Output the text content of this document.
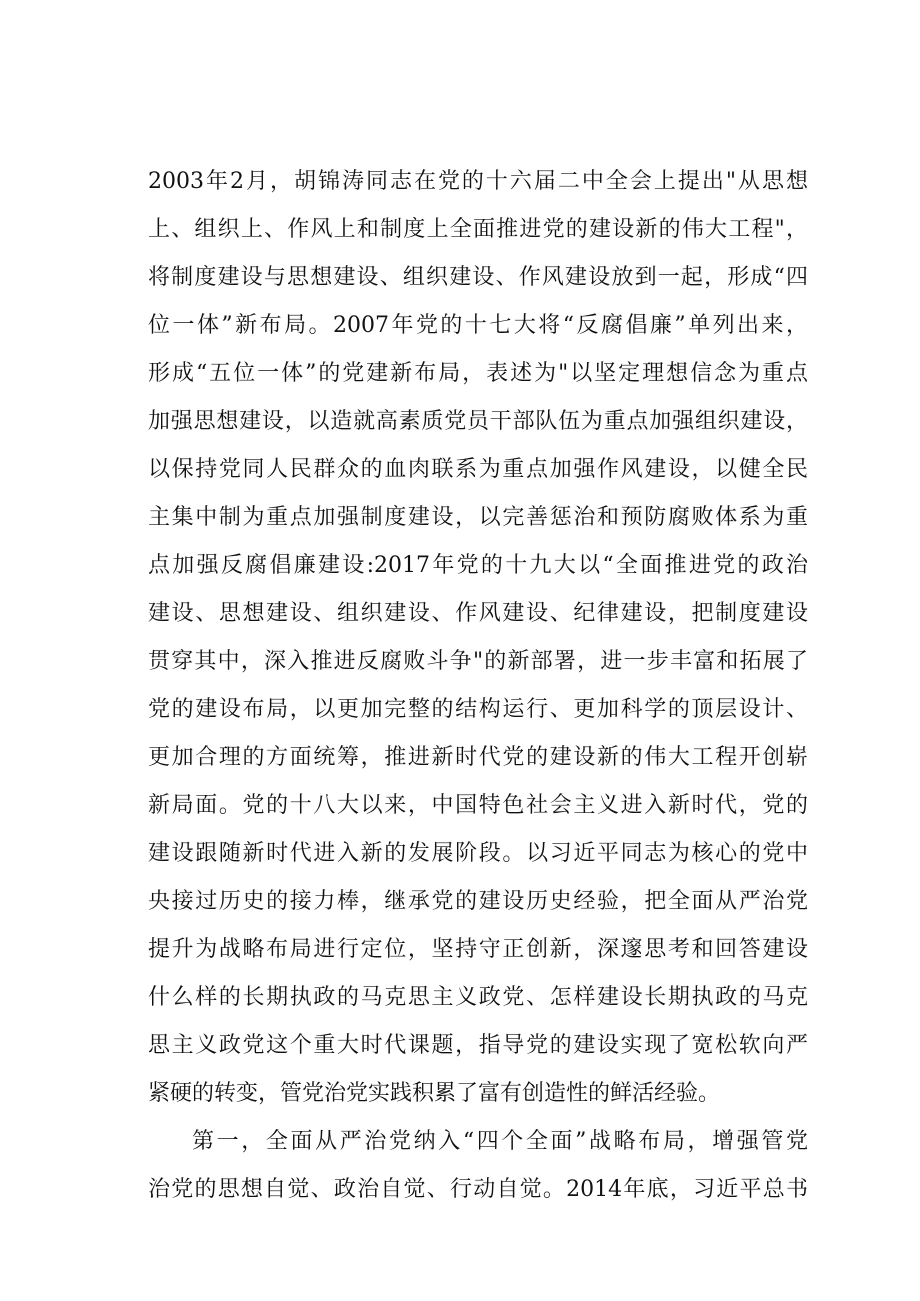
2003年2月，胡锦涛同志在党的十六届二中全会上提出"从思想
上、组织上、作风上和制度上全面推进党的建设新的伟大工程"，
将制度建设与思想建设、组织建设、作风建设放到一起，形成“四
位一体”新布局。2007年党的十七大将“反腐倡廉”单列出来，
形成“五位一体”的党建新布局，表述为"以坚定理想信念为重点
加强思想建设，以造就高素质党员干部队伍为重点加强组织建设，
以保持党同人民群众的血肉联系为重点加强作风建设，以健全民
主集中制为重点加强制度建设，以完善惩治和预防腐败体系为重
点加强反腐倡廉建设:2017年党的十九大以“全面推进党的政治
建设、思想建设、组织建设、作风建设、纪律建设，把制度建设
贯穿其中，深入推进反腐败斗争"的新部署，进一步丰富和拓展了
党的建设布局，以更加完整的结构运行、更加科学的顶层设计、
更加合理的方面统筹，推进新时代党的建设新的伟大工程开创崭
新局面。党的十八大以来，中国特色社会主义进入新时代，党的
建设跟随新时代进入新的发展阶段。以习近平同志为核心的党中
央接过历史的接力棒，继承党的建设历史经验，把全面从严治党
提升为战略布局进行定位，坚持守正创新，深邃思考和回答建设
什么样的长期执政的马克思主义政党、怎样建设长期执政的马克
思主义政党这个重大时代课题，指导党的建设实现了宽松软向严
紧硬的转变，管党治党实践积累了富有创造性的鲜活经验。
第一，全面从严治党纳入“四个全面”战略布局，增强管党
治党的思想自觉、政治自觉、行动自觉。2014年底，习近平总书
